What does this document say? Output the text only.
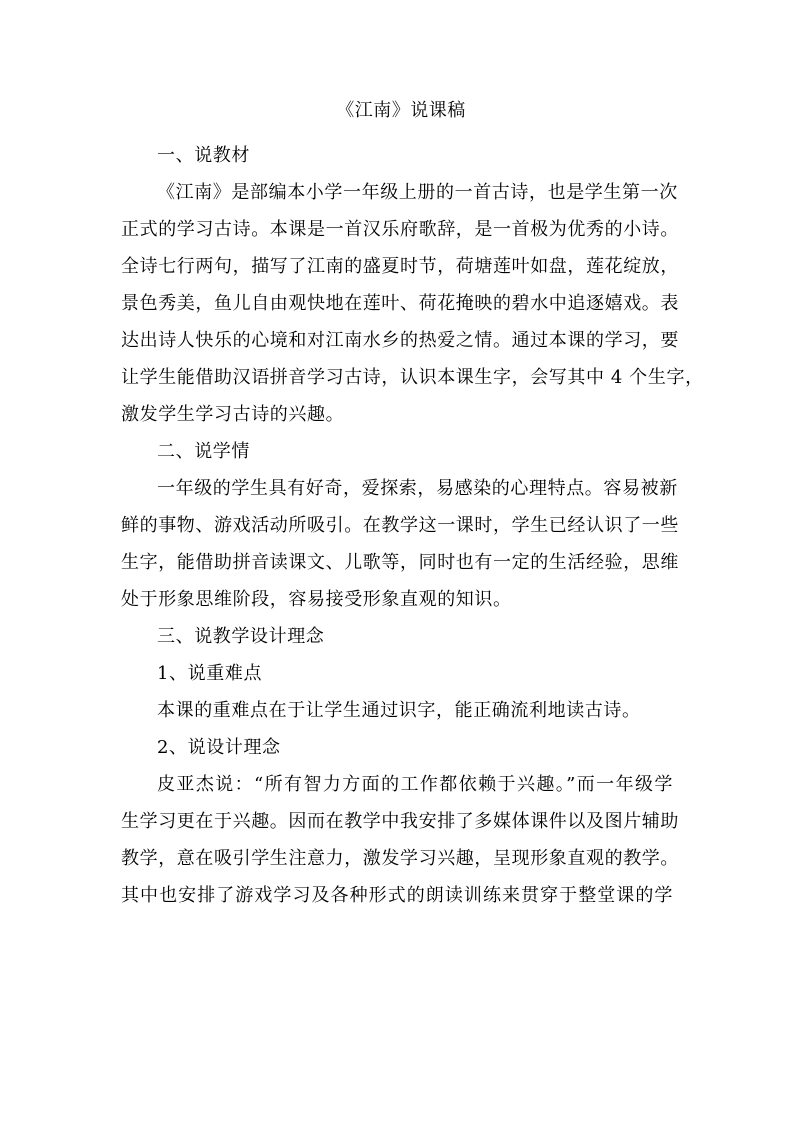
《江南》说课稿
一、说教材
《江南》是部编本小学一年级上册的一首古诗，也是学生第一次
正式的学习古诗。本课是一首汉乐府歌辞，是一首极为优秀的小诗。
全诗七行两句，描写了江南的盛夏时节，荷塘莲叶如盘，莲花绽放，
景色秀美，鱼儿自由观快地在莲叶、荷花掩映的碧水中追逐嬉戏。表
达出诗人快乐的心境和对江南水乡的热爱之情。通过本课的学习，要
让学生能借助汉语拼音学习古诗，认识本课生字，会写其中 4 个生字，
激发学生学习古诗的兴趣。
二、说学情
一年级的学生具有好奇，爱探索，易感染的心理特点。容易被新
鲜的事物、游戏活动所吸引。在教学这一课时，学生已经认识了一些
生字，能借助拼音读课文、儿歌等，同时也有一定的生活经验，思维
处于形象思维阶段，容易接受形象直观的知识。
三、说教学设计理念
1、说重难点
本课的重难点在于让学生通过识字，能正确流利地读古诗。
2、说设计理念
皮亚杰说：“所有智力方面的工作都依赖于兴趣。”而一年级学
生学习更在于兴趣。因而在教学中我安排了多媒体课件以及图片辅助
教学，意在吸引学生注意力，激发学习兴趣，呈现形象直观的教学。
其中也安排了游戏学习及各种形式的朗读训练来贯穿于整堂课的学
